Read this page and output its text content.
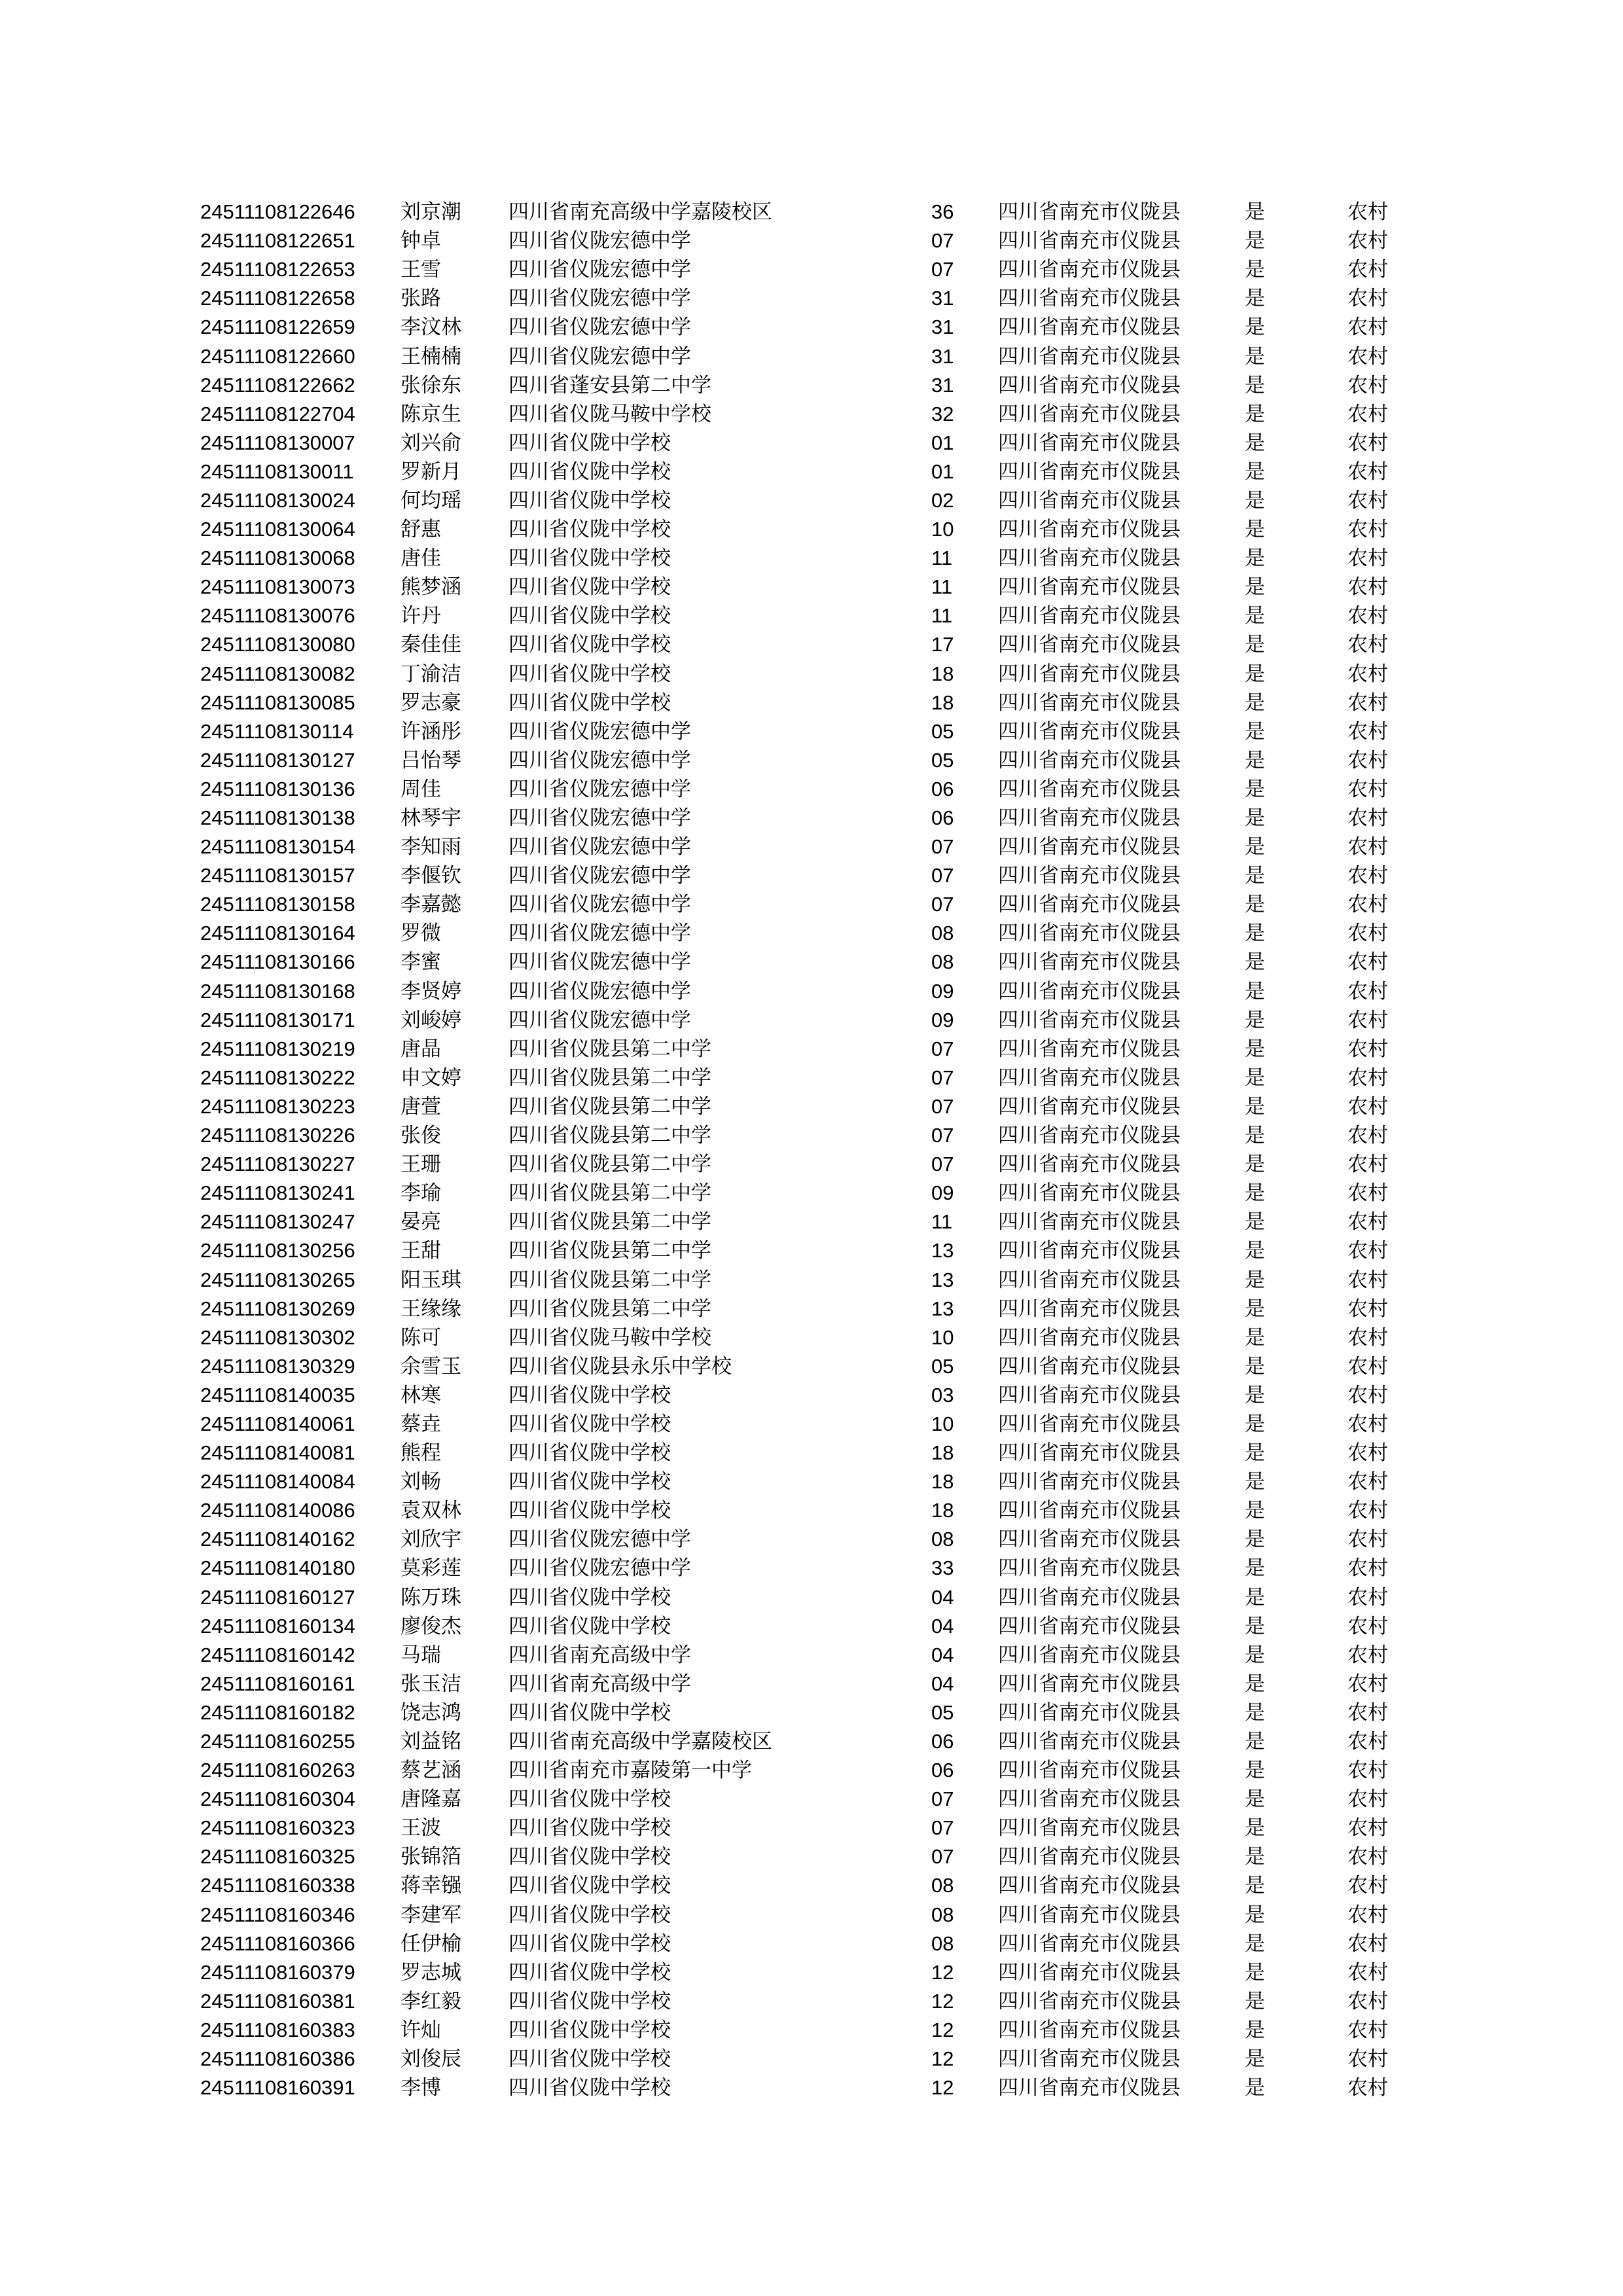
24511108122646	刘京潮	四川省南充高级中学嘉陵校区	36	四川省南充市仪陇县	是	农村
24511108122651	钟卓	四川省仪陇宏德中学	07	四川省南充市仪陇县	是	农村
24511108122653	王雪	四川省仪陇宏德中学	07	四川省南充市仪陇县	是	农村
24511108122658	张路	四川省仪陇宏德中学	31	四川省南充市仪陇县	是	农村
24511108122659	李汶林	四川省仪陇宏德中学	31	四川省南充市仪陇县	是	农村
24511108122660	王楠楠	四川省仪陇宏德中学	31	四川省南充市仪陇县	是	农村
24511108122662	张徐东	四川省蓬安县第二中学	31	四川省南充市仪陇县	是	农村
24511108122704	陈京生	四川省仪陇马鞍中学校	32	四川省南充市仪陇县	是	农村
24511108130007	刘兴俞	四川省仪陇中学校	01	四川省南充市仪陇县	是	农村
24511108130011	罗新月	四川省仪陇中学校	01	四川省南充市仪陇县	是	农村
24511108130024	何均瑶	四川省仪陇中学校	02	四川省南充市仪陇县	是	农村
24511108130064	舒惠	四川省仪陇中学校	10	四川省南充市仪陇县	是	农村
24511108130068	唐佳	四川省仪陇中学校	11	四川省南充市仪陇县	是	农村
24511108130073	熊梦涵	四川省仪陇中学校	11	四川省南充市仪陇县	是	农村
24511108130076	许丹	四川省仪陇中学校	11	四川省南充市仪陇县	是	农村
24511108130080	秦佳佳	四川省仪陇中学校	17	四川省南充市仪陇县	是	农村
24511108130082	丁渝洁	四川省仪陇中学校	18	四川省南充市仪陇县	是	农村
24511108130085	罗志豪	四川省仪陇中学校	18	四川省南充市仪陇县	是	农村
24511108130114	许涵彤	四川省仪陇宏德中学	05	四川省南充市仪陇县	是	农村
24511108130127	吕怡琴	四川省仪陇宏德中学	05	四川省南充市仪陇县	是	农村
24511108130136	周佳	四川省仪陇宏德中学	06	四川省南充市仪陇县	是	农村
24511108130138	林琴宇	四川省仪陇宏德中学	06	四川省南充市仪陇县	是	农村
24511108130154	李知雨	四川省仪陇宏德中学	07	四川省南充市仪陇县	是	农村
24511108130157	李偃钦	四川省仪陇宏德中学	07	四川省南充市仪陇县	是	农村
24511108130158	李嘉懿	四川省仪陇宏德中学	07	四川省南充市仪陇县	是	农村
24511108130164	罗微	四川省仪陇宏德中学	08	四川省南充市仪陇县	是	农村
24511108130166	李蜜	四川省仪陇宏德中学	08	四川省南充市仪陇县	是	农村
24511108130168	李贤婷	四川省仪陇宏德中学	09	四川省南充市仪陇县	是	农村
24511108130171	刘峻婷	四川省仪陇宏德中学	09	四川省南充市仪陇县	是	农村
24511108130219	唐晶	四川省仪陇县第二中学	07	四川省南充市仪陇县	是	农村
24511108130222	申文婷	四川省仪陇县第二中学	07	四川省南充市仪陇县	是	农村
24511108130223	唐萱	四川省仪陇县第二中学	07	四川省南充市仪陇县	是	农村
24511108130226	张俊	四川省仪陇县第二中学	07	四川省南充市仪陇县	是	农村
24511108130227	王珊	四川省仪陇县第二中学	07	四川省南充市仪陇县	是	农村
24511108130241	李瑜	四川省仪陇县第二中学	09	四川省南充市仪陇县	是	农村
24511108130247	晏亮	四川省仪陇县第二中学	11	四川省南充市仪陇县	是	农村
24511108130256	王甜	四川省仪陇县第二中学	13	四川省南充市仪陇县	是	农村
24511108130265	阳玉琪	四川省仪陇县第二中学	13	四川省南充市仪陇县	是	农村
24511108130269	王缘缘	四川省仪陇县第二中学	13	四川省南充市仪陇县	是	农村
24511108130302	陈可	四川省仪陇马鞍中学校	10	四川省南充市仪陇县	是	农村
24511108130329	余雪玉	四川省仪陇县永乐中学校	05	四川省南充市仪陇县	是	农村
24511108140035	林寒	四川省仪陇中学校	03	四川省南充市仪陇县	是	农村
24511108140061	蔡垚	四川省仪陇中学校	10	四川省南充市仪陇县	是	农村
24511108140081	熊程	四川省仪陇中学校	18	四川省南充市仪陇县	是	农村
24511108140084	刘畅	四川省仪陇中学校	18	四川省南充市仪陇县	是	农村
24511108140086	袁双林	四川省仪陇中学校	18	四川省南充市仪陇县	是	农村
24511108140162	刘欣宇	四川省仪陇宏德中学	08	四川省南充市仪陇县	是	农村
24511108140180	莫彩莲	四川省仪陇宏德中学	33	四川省南充市仪陇县	是	农村
24511108160127	陈万珠	四川省仪陇中学校	04	四川省南充市仪陇县	是	农村
24511108160134	廖俊杰	四川省仪陇中学校	04	四川省南充市仪陇县	是	农村
24511108160142	马瑞	四川省南充高级中学	04	四川省南充市仪陇县	是	农村
24511108160161	张玉洁	四川省南充高级中学	04	四川省南充市仪陇县	是	农村
24511108160182	饶志鸿	四川省仪陇中学校	05	四川省南充市仪陇县	是	农村
24511108160255	刘益铭	四川省南充高级中学嘉陵校区	06	四川省南充市仪陇县	是	农村
24511108160263	蔡艺涵	四川省南充市嘉陵第一中学	06	四川省南充市仪陇县	是	农村
24511108160304	唐隆嘉	四川省仪陇中学校	07	四川省南充市仪陇县	是	农村
24511108160323	王波	四川省仪陇中学校	07	四川省南充市仪陇县	是	农村
24511108160325	张锦箔	四川省仪陇中学校	07	四川省南充市仪陇县	是	农村
24511108160338	蒋幸镪	四川省仪陇中学校	08	四川省南充市仪陇县	是	农村
24511108160346	李建军	四川省仪陇中学校	08	四川省南充市仪陇县	是	农村
24511108160366	任伊榆	四川省仪陇中学校	08	四川省南充市仪陇县	是	农村
24511108160379	罗志城	四川省仪陇中学校	12	四川省南充市仪陇县	是	农村
24511108160381	李红毅	四川省仪陇中学校	12	四川省南充市仪陇县	是	农村
24511108160383	许灿	四川省仪陇中学校	12	四川省南充市仪陇县	是	农村
24511108160386	刘俊辰	四川省仪陇中学校	12	四川省南充市仪陇县	是	农村
24511108160391	李博	四川省仪陇中学校	12	四川省南充市仪陇县	是	农村
